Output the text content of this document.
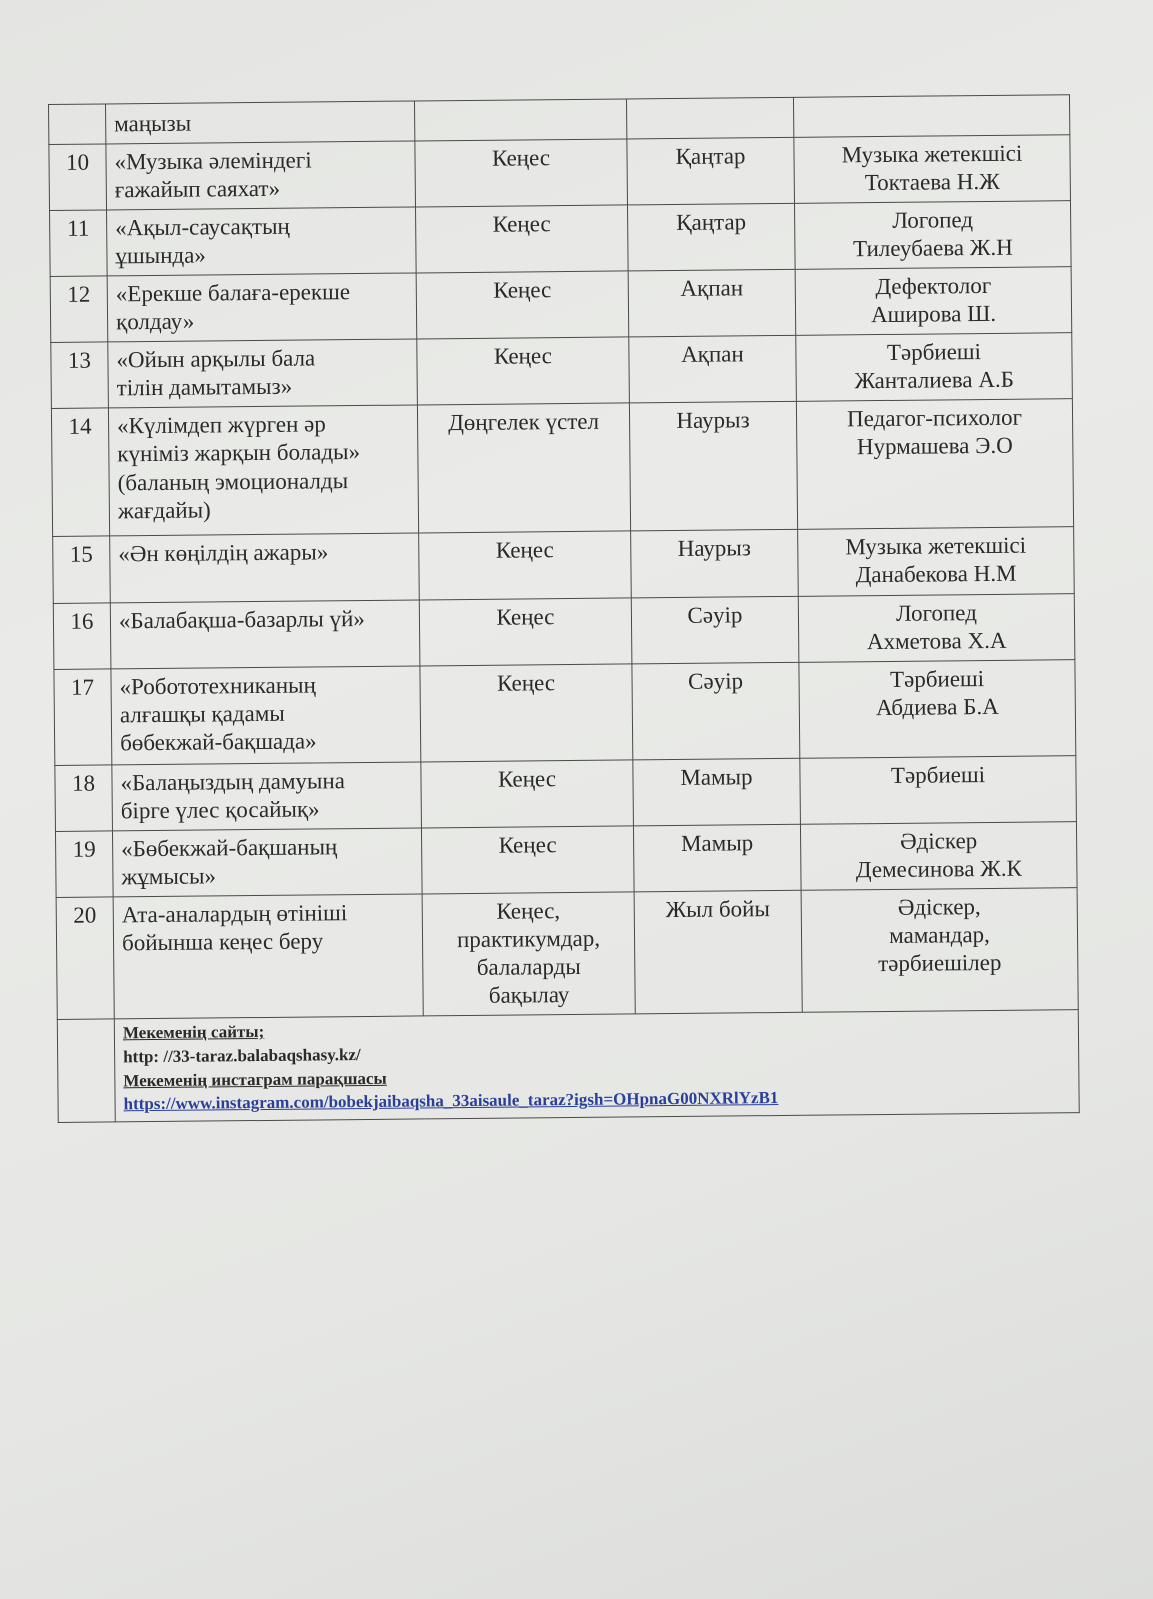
	маңызы			
10	«Музыка әлеміндегі
ғажайып саяхат»	Кеңес	Қаңтар	Музыка жетекшісі
Токтаева Н.Ж

11	«Ақыл-саусақтың
ұшында»	Кеңес	Қаңтар	Логопед
Тилеубаева Ж.Н

12	«Ерекше балаға-ерекше
қолдау»	Кеңес	Ақпан	Дефектолог
Аширова Ш.

13	«Ойын арқылы бала
тілін дамытамыз»	Кеңес	Ақпан	Тәрбиеші
Жанталиева А.Б

14	«Күлімдеп жүрген әр
күніміз жарқын болады»
(баланың эмоционалды
жағдайы)	Дөңгелек үстел	Наурыз	Педагог-психолог
Нурмашева Э.О

15	«Ән көңілдің ажары»	Кеңес	Наурыз	Музыка жетекшісі
Данабекова Н.М

16	«Балабақша-базарлы үй»	Кеңес	Сәуір	Логопед
Ахметова Х.А

17	«Робототехниканың
алғашқы қадамы
бөбекжай-бақшада»	Кеңес	Сәуір	Тәрбиеші
Абдиева Б.А

18	«Балаңыздың дамуына
бірге үлес қосайық»	Кеңес	Мамыр	Тәрбиеші

19	«Бөбекжай-бақшаның
жұмысы»	Кеңес	Мамыр	Әдіскер
Демесинова Ж.К

20	Ата-аналардың өтініші
бойынша кеңес беру	Кеңес,
практикумдар,
балаларды
бақылау	Жыл бойы	Әдіскер,
мамандар,
тәрбиешілер

	Мекеменің сайты;
http: //33-taraz.balabaqshasy.kz/
Мекеменің инстаграм парақшасы
https://www.instagram.com/bobekjaibaqsha_33aisaule_taraz?igsh=OHpnaG00NXRlYzB1			
